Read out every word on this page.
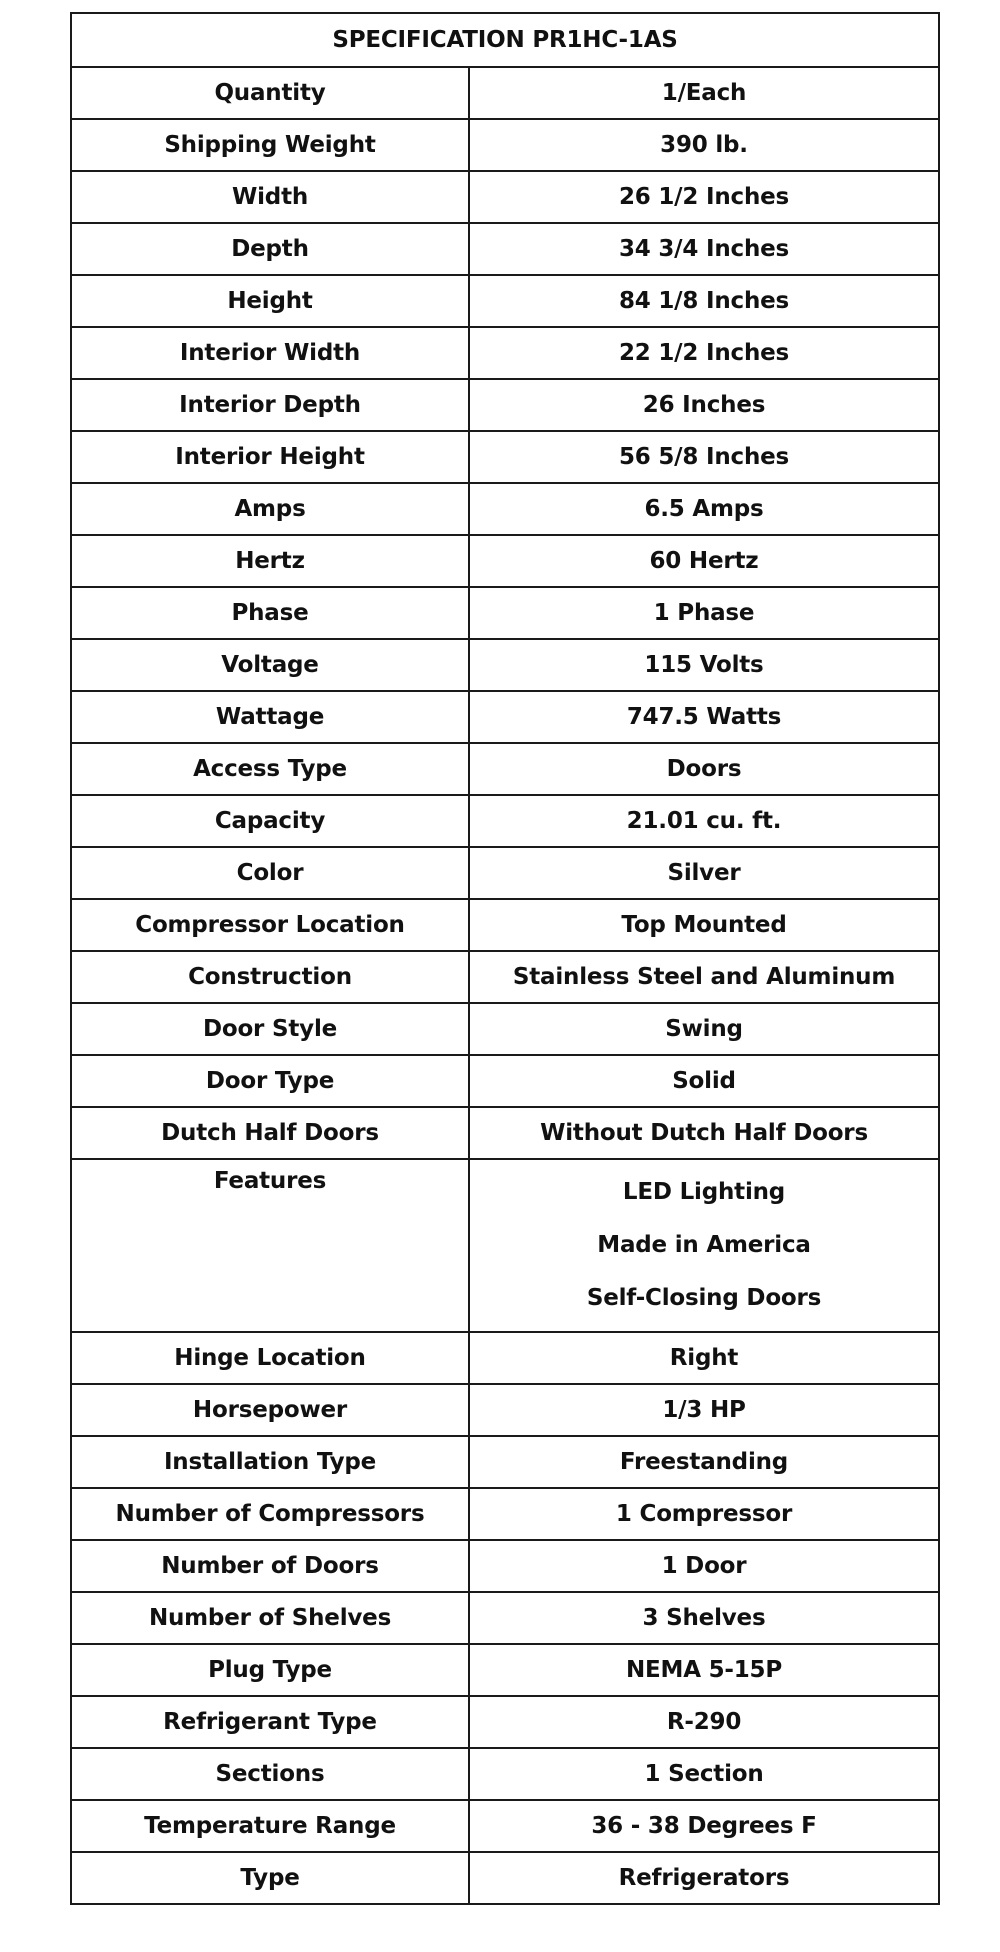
SPECIFICATION PR1HC-1AS	
Quantity	1/Each
Shipping Weight	390 lb.
Width	26 1/2 Inches
Depth	34 3/4 Inches
Height	84 1/8 Inches
Interior Width	22 1/2 Inches
Interior Depth	26 Inches
Interior Height	56 5/8 Inches
Amps	6.5 Amps
Hertz	60 Hertz
Phase	1 Phase
Voltage	115 Volts
Wattage	747.5 Watts
Access Type	Doors
Capacity	21.01 cu. ft.
Color	Silver
Compressor Location	Top Mounted
Construction	Stainless Steel and Aluminum
Door Style	Swing
Door Type	Solid
Dutch Half Doors	Without Dutch Half Doors
Features	LED Lighting
Made in America
Self-Closing Doors

Hinge Location	Right
Horsepower	1/3 HP
Installation Type	Freestanding
Number of Compressors	1 Compressor
Number of Doors	1 Door
Number of Shelves	3 Shelves
Plug Type	NEMA 5-15P
Refrigerant Type	R-290
Sections	1 Section
Temperature Range	36 - 38 Degrees F
Type	Refrigerators
